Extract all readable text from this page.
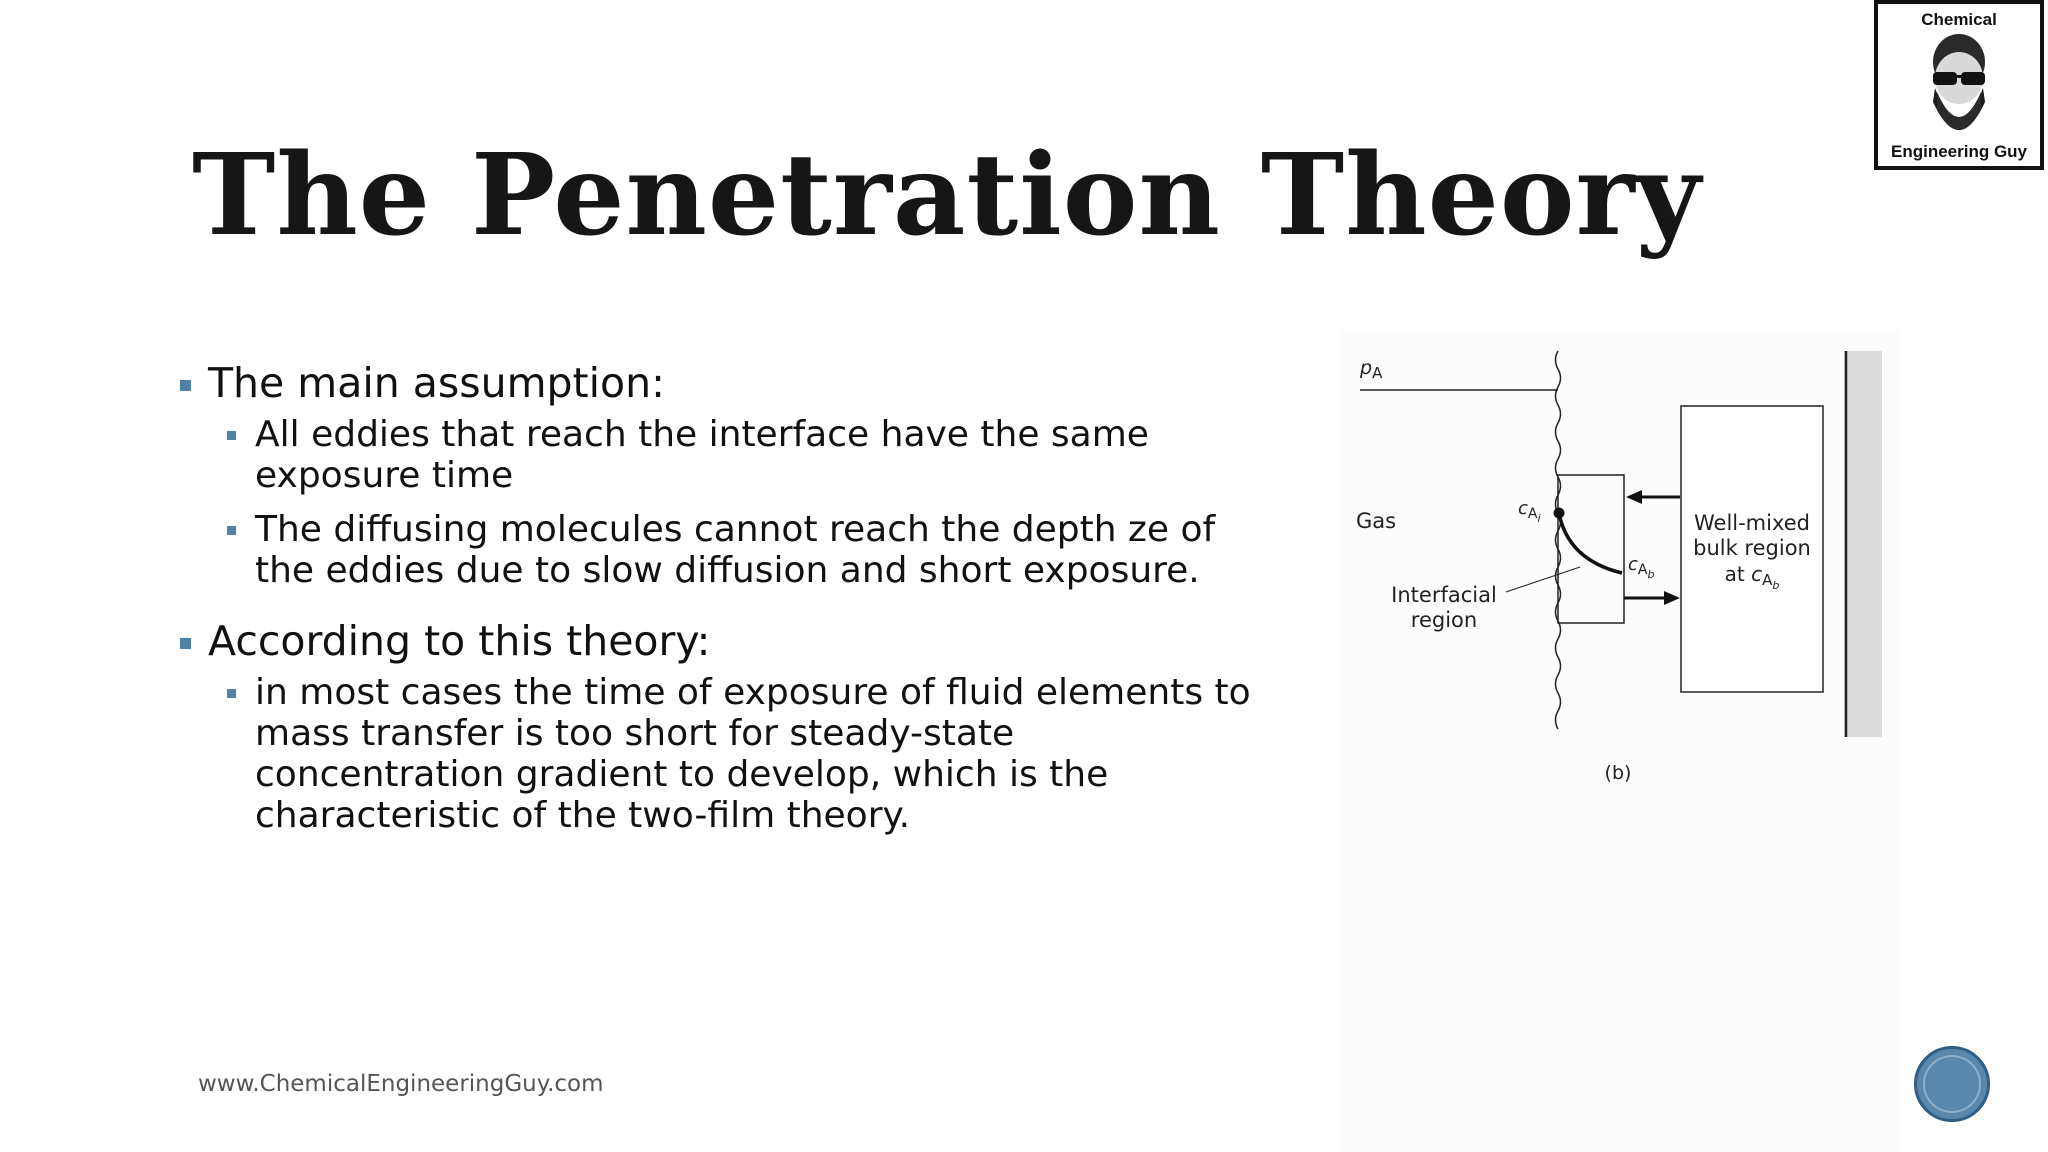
The Penetration Theory
Chemical
Engineering Guy
The main assumption:
All eddies that reach the interface have the same exposure time
The diffusing molecules cannot reach the depth ze of the eddies due to slow diffusion and short exposure.
According to this theory:
in most cases the time of exposure of fluid elements to mass transfer is too short for steady-state concentration gradient to develop, which is the characteristic of the two-film theory.
$p_A$
Gas
$c_{Ai}$
$c_{Ab}$
Interfacial
region
Well-mixed
bulk region
at $c_{Ab}$
(b)
www.ChemicalEngineeringGuy.com
